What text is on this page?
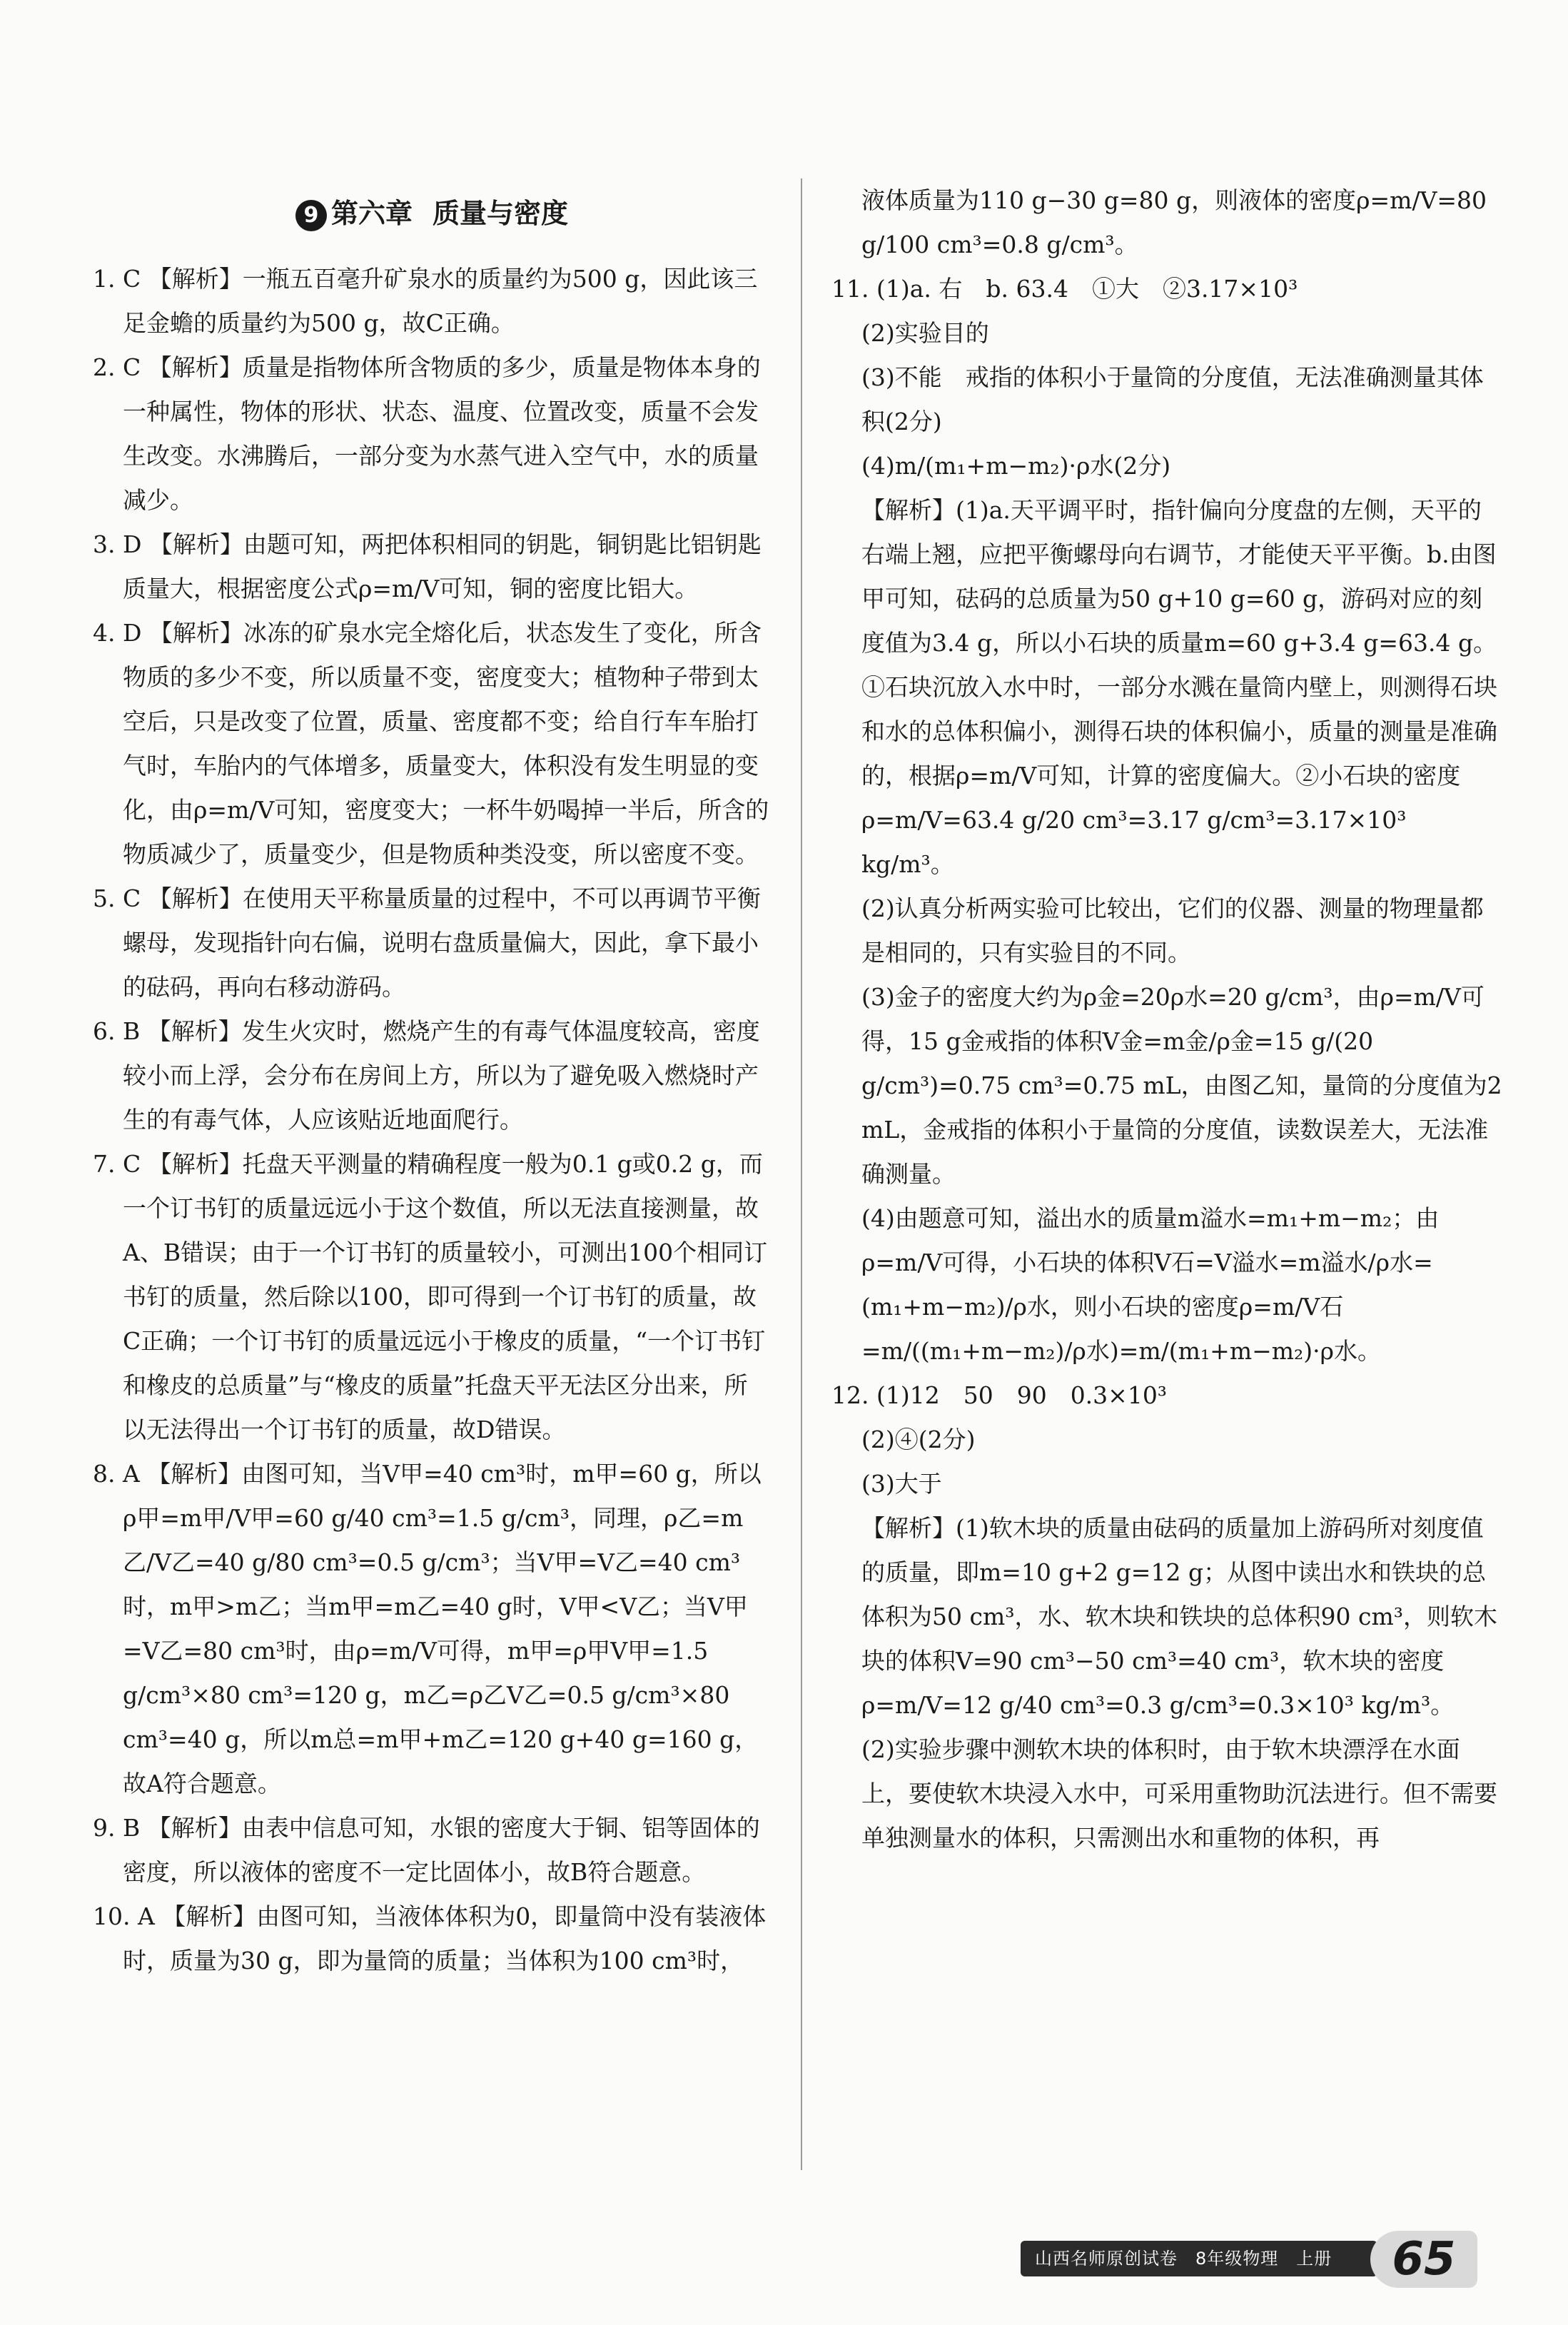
9 第六章 质量与密度

1. C 【解析】一瓶五百毫升矿泉水的质量约为500 g，因此该三足金蟾的质量约为500 g，故C正确。

2. C 【解析】质量是指物体所含物质的多少，质量是物体本身的一种属性，物体的形状、状态、温度、位置改变，质量不会发生改变。水沸腾后，一部分变为水蒸气进入空气中，水的质量减少。

3. D 【解析】由题可知，两把体积相同的钥匙，铜钥匙比铝钥匙质量大，根据密度公式ρ=m/V可知，铜的密度比铝大。

4. D 【解析】冰冻的矿泉水完全熔化后，状态发生了变化，所含物质的多少不变，所以质量不变，密度变大；植物种子带到太空后，只是改变了位置，质量、密度都不变；给自行车车胎打气时，车胎内的气体增多，质量变大，体积没有发生明显的变化，由ρ=m/V可知，密度变大；一杯牛奶喝掉一半后，所含的物质减少了，质量变少，但是物质种类没变，所以密度不变。

5. C 【解析】在使用天平称量质量的过程中，不可以再调节平衡螺母，发现指针向右偏，说明右盘质量偏大，因此，拿下最小的砝码，再向右移动游码。

6. B 【解析】发生火灾时，燃烧产生的有毒气体温度较高，密度较小而上浮，会分布在房间上方，所以为了避免吸入燃烧时产生的有毒气体，人应该贴近地面爬行。

7. C 【解析】托盘天平测量的精确程度一般为0.1 g或0.2 g，而一个订书钉的质量远远小于这个数值，所以无法直接测量，故A、B错误；由于一个订书钉的质量较小，可测出100个相同订书钉的质量，然后除以100，即可得到一个订书钉的质量，故C正确；一个订书钉的质量远远小于橡皮的质量，“一个订书钉和橡皮的总质量”与“橡皮的质量”托盘天平无法区分出来，所以无法得出一个订书钉的质量，故D错误。

8. A 【解析】由图可知，当V甲=40 cm³时，m甲=60 g，所以ρ甲=m甲/V甲=60 g/40 cm³=1.5 g/cm³，同理，ρ乙=m乙/V乙=40 g/80 cm³=0.5 g/cm³；当V甲=V乙=40 cm³时，m甲>m乙；当m甲=m乙=40 g时，V甲<V乙；当V甲=V乙=80 cm³时，由ρ=m/V可得，m甲=ρ甲V甲=1.5 g/cm³×80 cm³=120 g，m乙=ρ乙V乙=0.5 g/cm³×80 cm³=40 g，所以m总=m甲+m乙=120 g+40 g=160 g，故A符合题意。

9. B 【解析】由表中信息可知，水银的密度大于铜、铝等固体的密度，所以液体的密度不一定比固体小，故B符合题意。

10. A 【解析】由图可知，当液体体积为0，即量筒中没有装液体时，质量为30 g，即为量筒的质量；当体积为100 cm³时，

液体质量为110 g−30 g=80 g，则液体的密度ρ=m/V=80 g/100 cm³=0.8 g/cm³。

11. (1)a. 右　b. 63.4　①大　②3.17×10³

(2)实验目的

(3)不能　戒指的体积小于量筒的分度值，无法准确测量其体积(2分)

(4)m/(m₁+m−m₂)·ρ水(2分)

【解析】(1)a.天平调平时，指针偏向分度盘的左侧，天平的右端上翘，应把平衡螺母向右调节，才能使天平平衡。b.由图甲可知，砝码的总质量为50 g+10 g=60 g，游码对应的刻度值为3.4 g，所以小石块的质量m=60 g+3.4 g=63.4 g。①石块沉放入水中时，一部分水溅在量筒内壁上，则测得石块和水的总体积偏小，测得石块的体积偏小，质量的测量是准确的，根据ρ=m/V可知，计算的密度偏大。②小石块的密度ρ=m/V=63.4 g/20 cm³=3.17 g/cm³=3.17×10³ kg/m³。

(2)认真分析两实验可比较出，它们的仪器、测量的物理量都是相同的，只有实验目的不同。

(3)金子的密度大约为ρ金=20ρ水=20 g/cm³，由ρ=m/V可得，15 g金戒指的体积V金=m金/ρ金=15 g/(20 g/cm³)=0.75 cm³=0.75 mL，由图乙知，量筒的分度值为2 mL，金戒指的体积小于量筒的分度值，读数误差大，无法准确测量。

(4)由题意可知，溢出水的质量m溢水=m₁+m−m₂；由ρ=m/V可得，小石块的体积V石=V溢水=m溢水/ρ水=(m₁+m−m₂)/ρ水，则小石块的密度ρ=m/V石=m/((m₁+m−m₂)/ρ水)=m/(m₁+m−m₂)·ρ水。

12. (1)12　50　90　0.3×10³

(2)④(2分)

(3)大于

【解析】(1)软木块的质量由砝码的质量加上游码所对刻度值的质量，即m=10 g+2 g=12 g；从图中读出水和铁块的总体积为50 cm³，水、软木块和铁块的总体积90 cm³，则软木块的体积V=90 cm³−50 cm³=40 cm³，软木块的密度ρ=m/V=12 g/40 cm³=0.3 g/cm³=0.3×10³ kg/m³。

(2)实验步骤中测软木块的体积时，由于软木块漂浮在水面上，要使软木块浸入水中，可采用重物助沉法进行。但不需要单独测量水的体积，只需测出水和重物的体积，再

山西名师原创试卷　8年级物理　上册	65
